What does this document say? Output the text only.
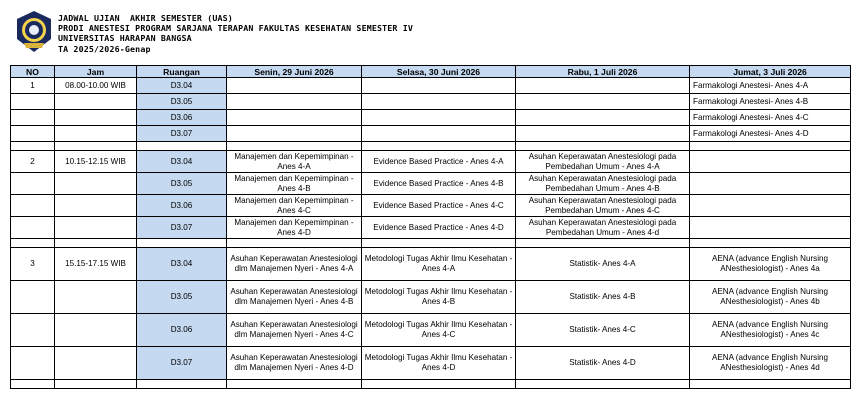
JADWAL UJIAN  AKHIR SEMESTER (UAS)
PRODI ANESTESI PROGRAM SARJANA TERAPAN FAKULTAS KESEHATAN SEMESTER IV
UNIVERSITAS HARAPAN BANGSA
TA 2025/2026-Genap
NO	Jam	Ruangan	Senin, 29 Juni 2026	Selasa, 30 Juni 2026	Rabu, 1 Juli 2026	Jumat, 3 Juli 2026
1	08.00-10.00 WIB	D3.04				Farmakologi Anestesi- Anes 4-A
		D3.05				Farmakologi Anestesi- Anes 4-B
		D3.06				Farmakologi Anestesi- Anes 4-C
		D3.07				Farmakologi Anestesi- Anes 4-D

2	10.15-12.15 WIB	D3.04	Manajemen dan Kepemimpinan - Anes 4-A	Evidence Based Practice - Anes 4-A	Asuhan Keperawatan Anestesiologi pada Pembedahan Umum - Anes 4-A	
		D3.05	Manajemen dan Kepemimpinan - Anes 4-B	Evidence Based Practice - Anes 4-B	Asuhan Keperawatan Anestesiologi pada Pembedahan Umum - Anes 4-B	
		D3.06	Manajemen dan Kepemimpinan - Anes 4-C	Evidence Based Practice - Anes 4-C	Asuhan Keperawatan Anestesiologi pada Pembedahan Umum - Anes 4-C	
		D3.07	Manajemen dan Kepemimpinan - Anes 4-D	Evidence Based Practice - Anes 4-D	Asuhan Keperawatan Anestesiologi pada Pembedahan Umum - Anes 4-d	

3	15.15-17.15 WIB	D3.04	Asuhan Keperawatan Anestesiologi dlm Manajemen Nyeri - Anes 4-A	Metodologi Tugas Akhir Ilmu Kesehatan - Anes 4-A	Statistik- Anes 4-A	AENA (advance English Nursing ANesthesiologist) - Anes 4a
		D3.05	Asuhan Keperawatan Anestesiologi dlm Manajemen Nyeri - Anes 4-B	Metodologi Tugas Akhir Ilmu Kesehatan - Anes 4-B	Statistik- Anes 4-B	AENA (advance English Nursing ANesthesiologist) - Anes 4b
		D3.06	Asuhan Keperawatan Anestesiologi dlm Manajemen Nyeri - Anes 4-C	Metodologi Tugas Akhir Ilmu Kesehatan - Anes 4-C	Statistik- Anes 4-C	AENA (advance English Nursing ANesthesiologist) - Anes 4c
		D3.07	Asuhan Keperawatan Anestesiologi dlm Manajemen Nyeri - Anes 4-D	Metodologi Tugas Akhir Ilmu Kesehatan - Anes 4-D	Statistik- Anes 4-D	AENA (advance English Nursing ANesthesiologist) - Anes 4d
